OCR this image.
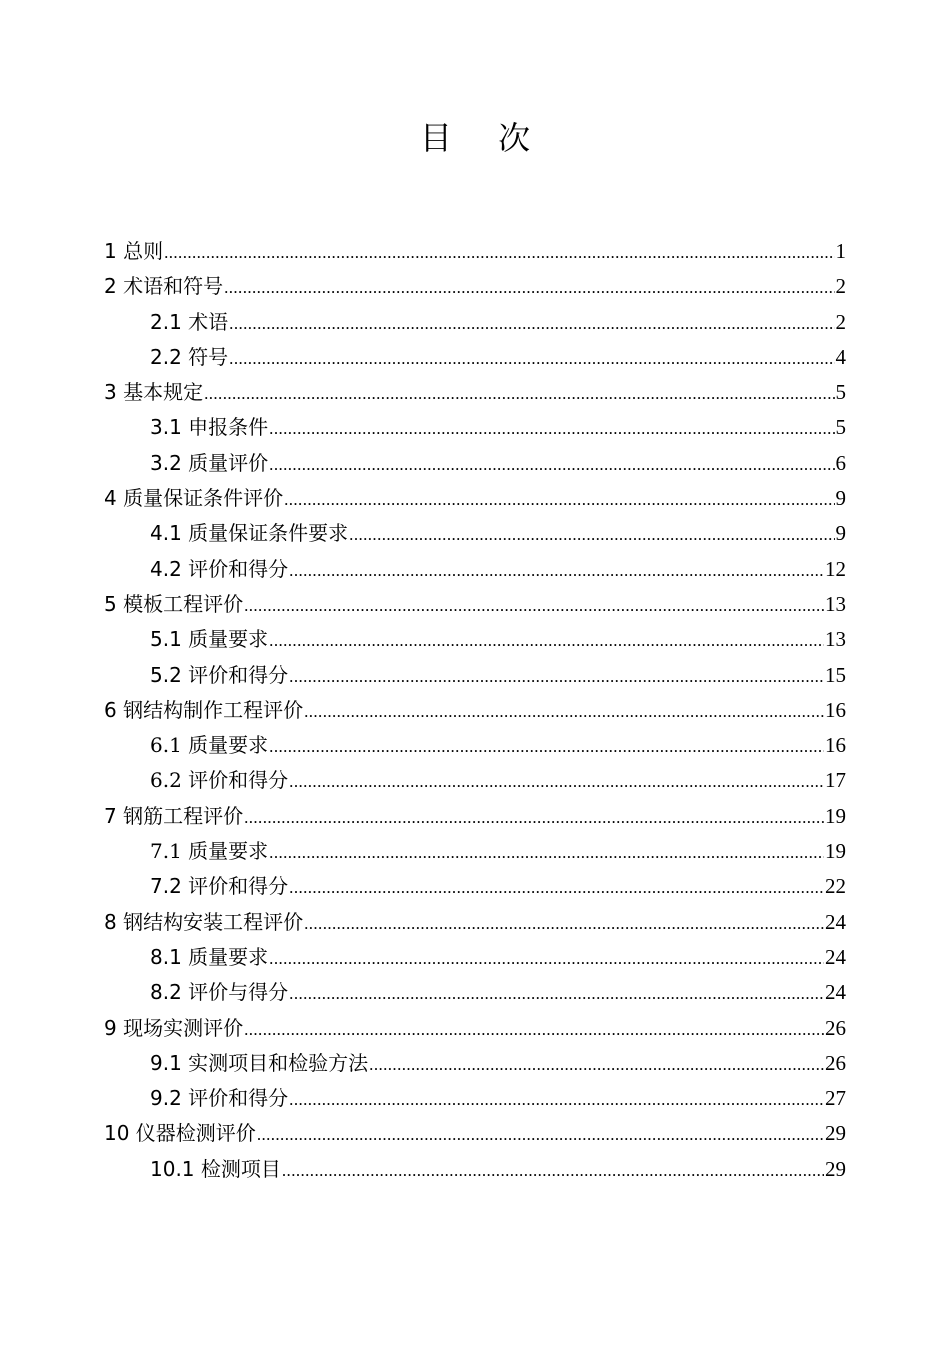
目 次
1 总则 .....	1
2 术语和符号 .....	2
2.1 术语 .....	2
2.2 符号 .....	4
3 基本规定 .....	5
3.1 申报条件 .....	5
3.2 质量评价 .....	6
4 质量保证条件评价 .....	9
4.1 质量保证条件要求 .....	9
4.2 评价和得分 .....	12
5 模板工程评价 .....	13
5.1 质量要求 .....	13
5.2 评价和得分 .....	15
6 钢结构制作工程评价 .....	16
6.1 质量要求 .....	16
6.2 评价和得分 .....	17
7 钢筋工程评价 .....	19
7.1 质量要求 .....	19
7.2 评价和得分 .....	22
8 钢结构安装工程评价 .....	24
8.1 质量要求 .....	24
8.2 评价与得分 .....	24
9 现场实测评价 .....	26
9.1 实测项目和检验方法 .....	26
9.2 评价和得分 .....	27
10 仪器检测评价 .....	29
10.1 检测项目 .....	29
